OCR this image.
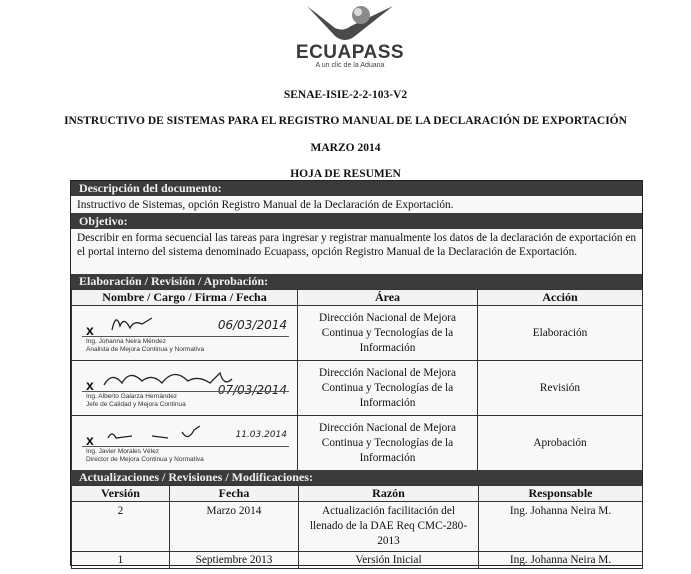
ECUAPASS
A un clic de la Aduana
SENAE-ISIE-2-2-103-V2
INSTRUCTIVO DE SISTEMAS PARA EL REGISTRO MANUAL DE LA DECLARACIÓN DE EXPORTACIÓN
MARZO 2014
HOJA DE RESUMEN
Descripción del documento:
Instructivo de Sistemas, opción Registro Manual de la Declaración de Exportación.
Objetivo:
Describir en forma secuencial las tareas para ingresar y registrar manualmente los datos de la declaración de exportación en el portal interno del sistema denominado Ecuapass, opción Registro Manual de la Declaración de Exportación.
Elaboración / Revisión / Aprobación:
Nombre / Cargo / Firma / Fecha	Área	Acción

x 06/03/2014
Ing. Johanna Neira Méndez
Analista de Mejora Continua y Normativa	Dirección Nacional de Mejora Continua y Tecnologías de la Información	Elaboración

x 07/03/2014
Ing. Alberto Galarza Hernández
Jefe de Calidad y Mejora Continua	Dirección Nacional de Mejora Continua y Tecnologías de la Información	Revisión

x 11.03.2014
Ing. Javier Morales Vélez
Director de Mejora Continua y Normativa	Dirección Nacional de Mejora Continua y Tecnologías de la Información	Aprobación
Actualizaciones / Revisiones / Modificaciones:
Versión	Fecha	Razón	Responsable
2	Marzo 2014	Actualización facilitación del llenado de la DAE Req CMC-280-2013	Ing. Johanna Neira M.
1	Septiembre 2013	Versión Inicial	Ing. Johanna Neira M.
